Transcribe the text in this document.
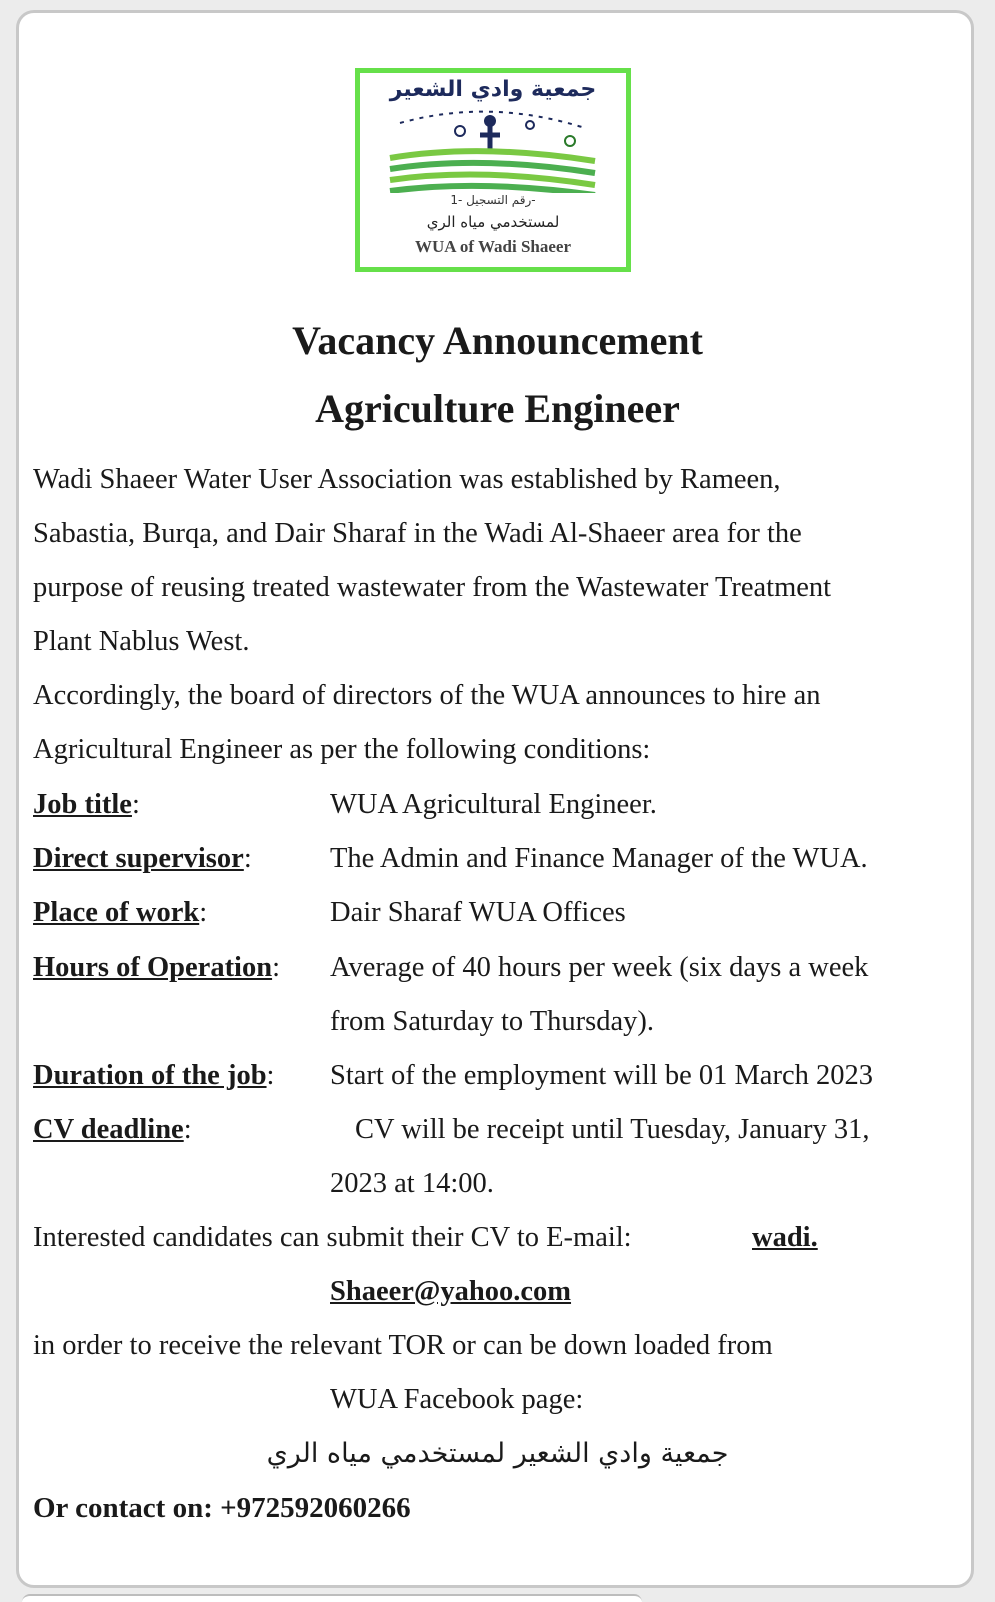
جمعية وادي الشعير
رقم التسجيل -1-
لمستخدمي مياه الري
WUA of Wadi Shaeer
Vacancy Announcement
Agriculture Engineer
Wadi Shaeer Water User Association was established by Rameen,
Sabastia, Burqa, and Dair Sharaf in the Wadi Al-Shaeer area for the
purpose of reusing treated wastewater from the Wastewater Treatment
Plant Nablus West.
Accordingly, the board of directors of the WUA announces to hire an
Agricultural Engineer as per the following conditions:
Job title:	WUA Agricultural Engineer.
Direct supervisor:	The Admin and Finance Manager of the WUA.
Place of work:	Dair Sharaf WUA Offices
Hours of Operation: Average of 40 hours per week (six days a week
from Saturday to Thursday).
Duration of the job: Start of the employment will be 01 March 2023
CV deadline:	CV will be receipt until Tuesday, January 31,
2023 at 14:00.
Interested candidates can submit their CV to E-mail:	wadi.
Shaeer@yahoo.com
in order to receive the relevant TOR or can be down loaded from
WUA Facebook page:
جمعية وادي الشعير لمستخدمي مياه الري
Or contact on: +972592060266
